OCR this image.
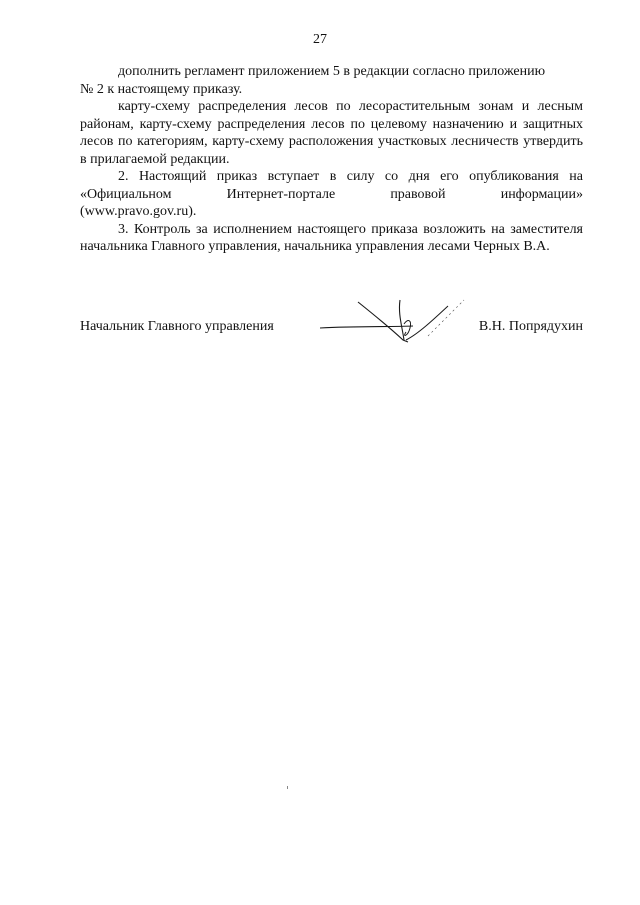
27

дополнить регламент приложением 5 в редакции согласно приложению
№ 2 к настоящему приказу.

карту-схему распределения лесов по лесорастительным зонам и лесным районам, карту-схему распределения лесов по целевому назначению и защитных лесов по категориям, карту-схему расположения участковых лесничеств утвердить в прилагаемой редакции.

2. Настоящий приказ вступает в силу со дня его опубликования на
«Официальном Интернет-портале правовой информации»
(www.pravo.gov.ru).

3. Контроль за исполнением настоящего приказа возложить на заместителя начальника Главного управления, начальника управления лесами Черных В.А.

Начальник Главного управления	В.Н. Попрядухин
